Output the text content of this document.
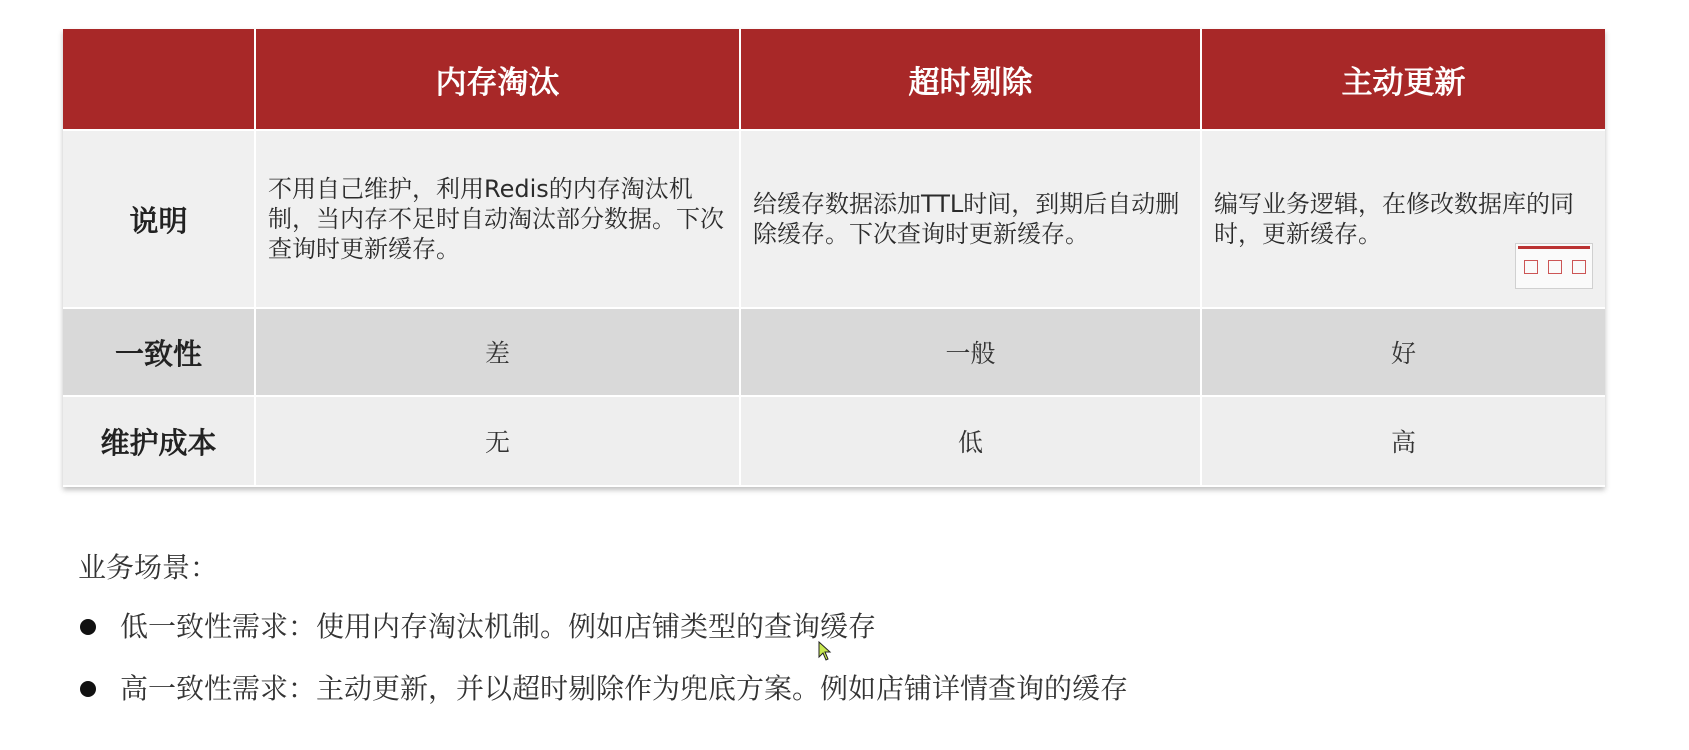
	内存淘汰	超时剔除	主动更新
说明	不用自己维护，利用Redis的内存淘汰机制，当内存不足时自动淘汰部分数据。下次查询时更新缓存。	给缓存数据添加TTL时间，到期后自动删除缓存。下次查询时更新缓存。	编写业务逻辑，在修改数据库的同时，更新缓存。

一致性	差	一般	好
维护成本	无	低	高
业务场景：
低一致性需求：使用内存淘汰机制。例如店铺类型的查询缓存
高一致性需求：主动更新，并以超时剔除作为兜底方案。例如店铺详情查询的缓存
